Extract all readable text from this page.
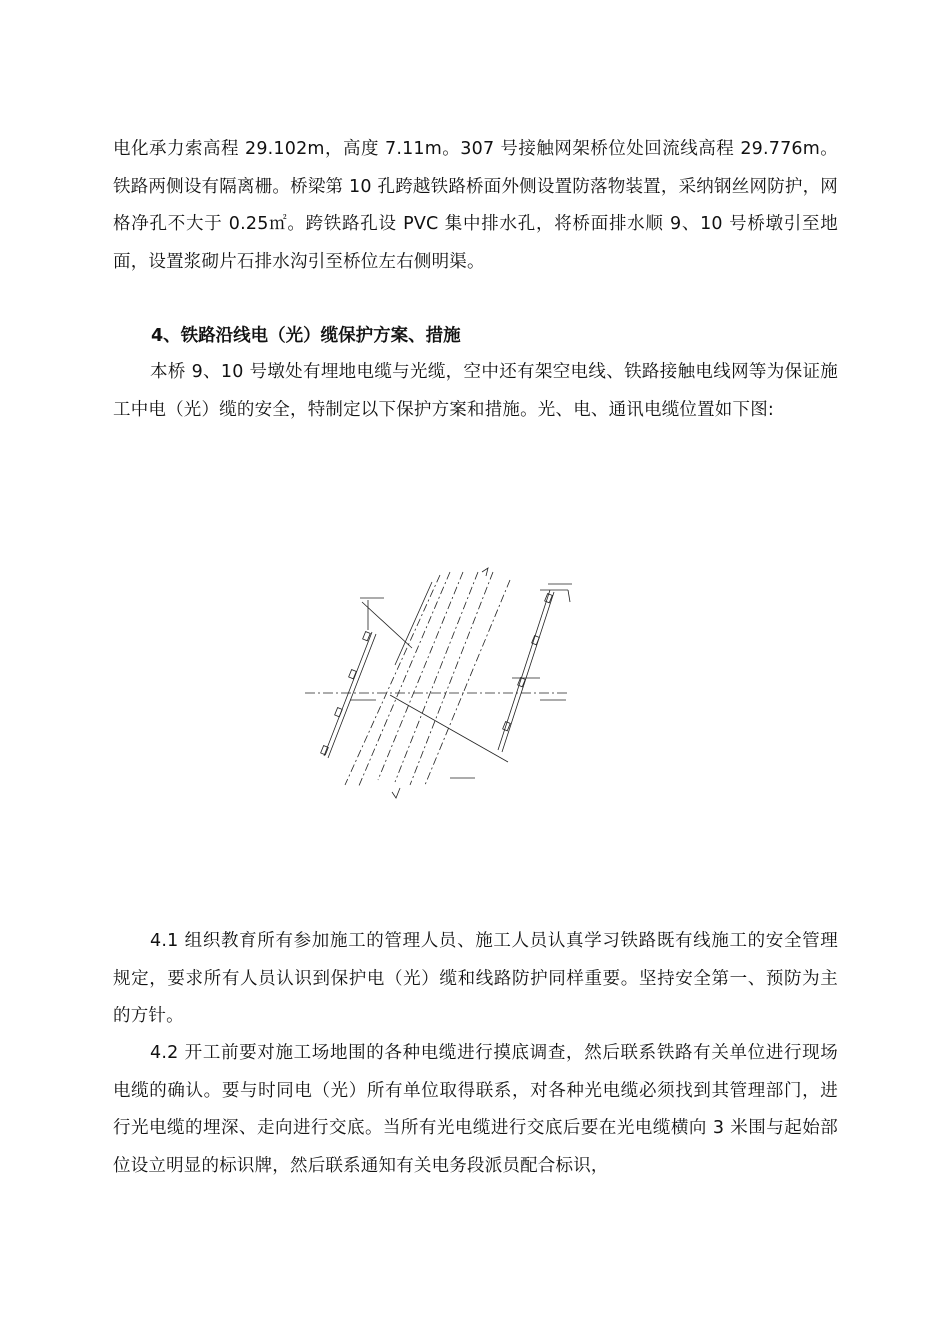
电化承力索高程 29.102m，高度 7.11m。307 号接触网架桥位处回流线高程 29.776m。铁路两侧设有隔离栅。桥梁第 10 孔跨越铁路桥面外侧设置防落物装置，采纳钢丝网防护，网格净孔不大于 0.25㎡。跨铁路孔设 PVC 集中排水孔，将桥面排水顺 9、10 号桥墩引至地面，设置浆砌片石排水沟引至桥位左右侧明渠。

4、铁路沿线电（光）缆保护方案、措施

本桥 9、10 号墩处有埋地电缆与光缆，空中还有架空电线、铁路接触电线网等为保证施工中电（光）缆的安全，特制定以下保护方案和措施。光、电、通讯电缆位置如下图:

4.1 组织教育所有参加施工的管理人员、施工人员认真学习铁路既有线施工的安全管理规定，要求所有人员认识到保护电（光）缆和线路防护同样重要。坚持安全第一、预防为主的方针。

4.2 开工前要对施工场地围的各种电缆进行摸底调查，然后联系铁路有关单位进行现场电缆的确认。要与时同电（光）所有单位取得联系，对各种光电缆必须找到其管理部门，进行光电缆的埋深、走向进行交底。当所有光电缆进行交底后要在光电缆横向 3 米围与起始部位设立明显的标识牌，然后联系通知有关电务段派员配合标识，
